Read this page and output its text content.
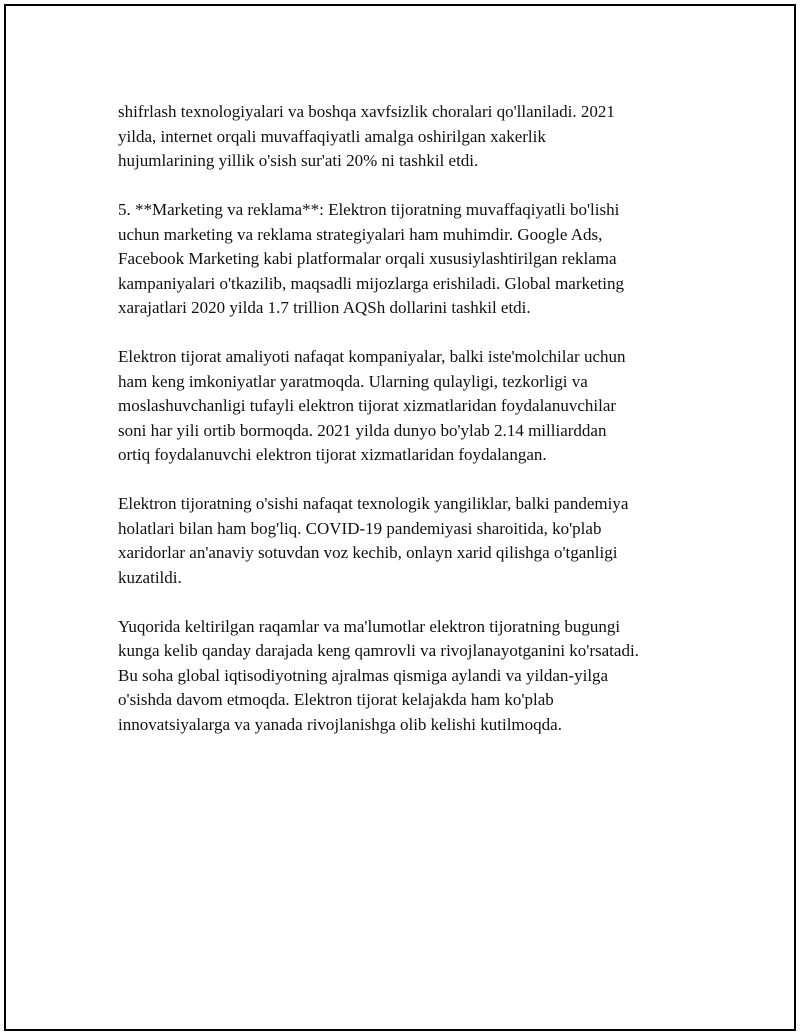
shifrlash texnologiyalari va boshqa xavfsizlik choralari qo'llaniladi. 2021
yilda, internet orqali muvaffaqiyatli amalga oshirilgan xakerlik
hujumlarining yillik o'sish sur'ati 20% ni tashkil etdi.

5. **Marketing va reklama**: Elektron tijoratning muvaffaqiyatli bo'lishi
uchun marketing va reklama strategiyalari ham muhimdir. Google Ads,
Facebook Marketing kabi platformalar orqali xususiylashtirilgan reklama
kampaniyalari o'tkazilib, maqsadli mijozlarga erishiladi. Global marketing
xarajatlari 2020 yilda 1.7 trillion AQSh dollarini tashkil etdi.

Elektron tijorat amaliyoti nafaqat kompaniyalar, balki iste'molchilar uchun
ham keng imkoniyatlar yaratmoqda. Ularning qulayligi, tezkorligi va
moslashuvchanligi tufayli elektron tijorat xizmatlaridan foydalanuvchilar
soni har yili ortib bormoqda. 2021 yilda dunyo bo'ylab 2.14 milliarddan
ortiq foydalanuvchi elektron tijorat xizmatlaridan foydalangan.

Elektron tijoratning o'sishi nafaqat texnologik yangiliklar, balki pandemiya
holatlari bilan ham bog'liq. COVID-19 pandemiyasi sharoitida, ko'plab
xaridorlar an'anaviy sotuvdan voz kechib, onlayn xarid qilishga o'tganligi
kuzatildi.

Yuqorida keltirilgan raqamlar va ma'lumotlar elektron tijoratning bugungi
kunga kelib qanday darajada keng qamrovli va rivojlanayotganini ko'rsatadi.
Bu soha global iqtisodiyotning ajralmas qismiga aylandi va yildan-yilga
o'sishda davom etmoqda. Elektron tijorat kelajakda ham ko'plab
innovatsiyalarga va yanada rivojlanishga olib kelishi kutilmoqda.
